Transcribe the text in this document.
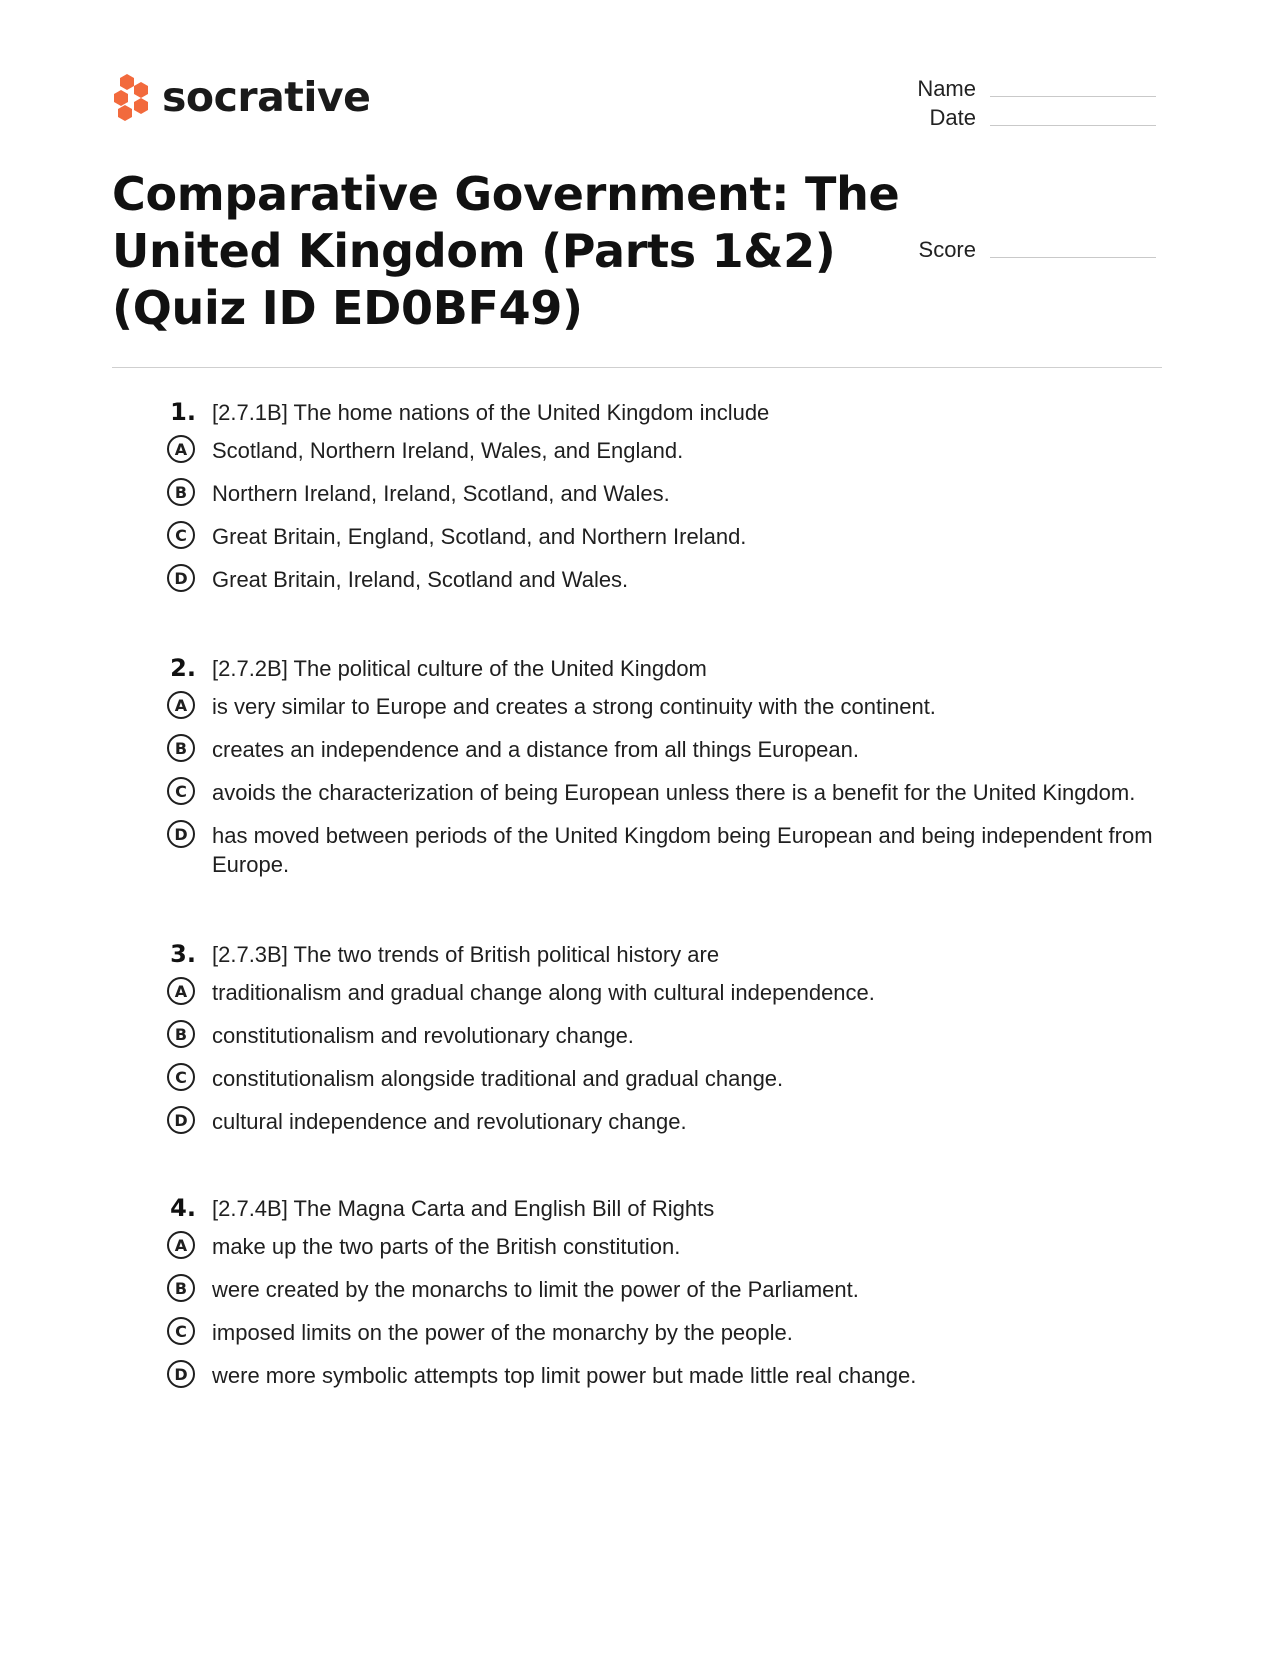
socrative	Name
Date
Comparative Government: The United Kingdom (Parts 1&2) (Quiz ID ED0BF49)
Score
1. [2.7.1B] The home nations of the United Kingdom include
A	Scotland, Northern Ireland, Wales, and England.
B	Northern Ireland, Ireland, Scotland, and Wales.
C	Great Britain, England, Scotland, and Northern Ireland.
D	Great Britain, Ireland, Scotland and Wales.
2. [2.7.2B] The political culture of the United Kingdom
A	is very similar to Europe and creates a strong continuity with the continent.
B	creates an independence and a distance from all things European.
C	avoids the characterization of being European unless there is a benefit for the United Kingdom.
D	has moved between periods of the United Kingdom being European and being independent from Europe.
3. [2.7.3B] The two trends of British political history are
A	traditionalism and gradual change along with cultural independence.
B	constitutionalism and revolutionary change.
C	constitutionalism alongside traditional and gradual change.
D	cultural independence and revolutionary change.
4. [2.7.4B] The Magna Carta and English Bill of Rights
A	make up the two parts of the British constitution.
B	were created by the monarchs to limit the power of the Parliament.
C	imposed limits on the power of the monarchy by the people.
D	were more symbolic attempts top limit power but made little real change.
